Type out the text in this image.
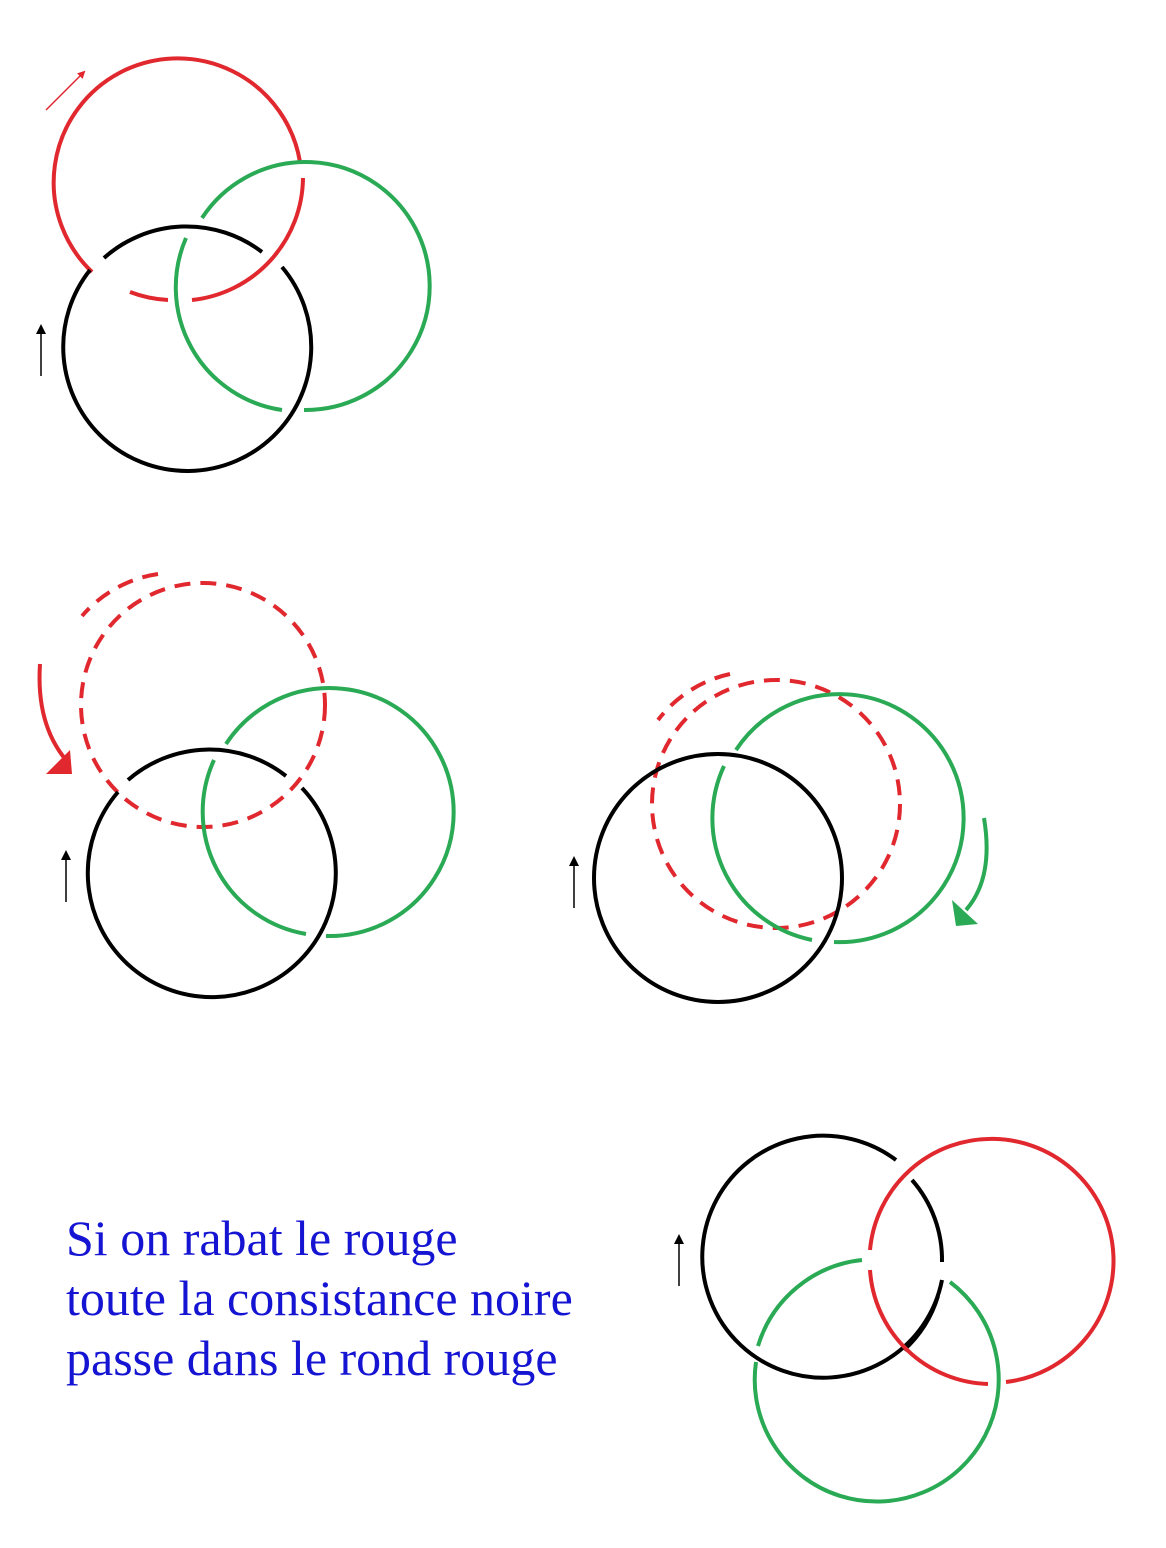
Si on rabat le rouge
toute la consistance noire
passe dans le rond rouge
